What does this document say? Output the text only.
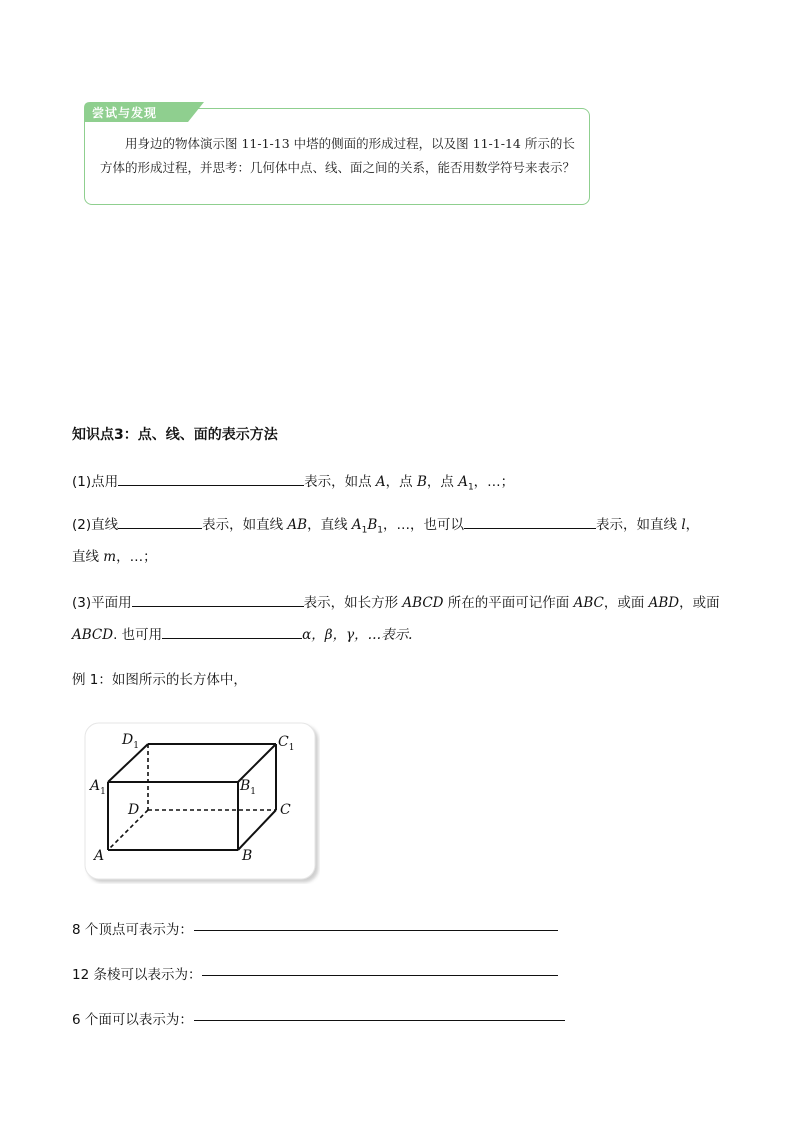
尝试与发现
用身边的物体演示图 11-1-13 中塔的侧面的形成过程，以及图 11-1-14 所示的长方体的形成过程，并思考：几何体中点、线、面之间的关系，能否用数学符号来表示？
知识点3：点、线、面的表示方法
(1)点用	表示，如点 A，点 B，点 $A_1$，…；
(2)直线	表示，如直线 AB，直线 $A_1B_1$，…，也可以	表示，如直线 l，
直线 m，…；
(3)平面用	表示，如长方形 ABCD 所在的平面可记作面 ABC，或面 ABD，或面
ABCD. 也可用	α，β，γ，…表示.
例 1：如图所示的长方体中，
$D_1$	$C_1$
$A_1$	$B_1$
D	C
A	B
8 个顶点可表示为：
12 条棱可以表示为：
6 个面可以表示为：
